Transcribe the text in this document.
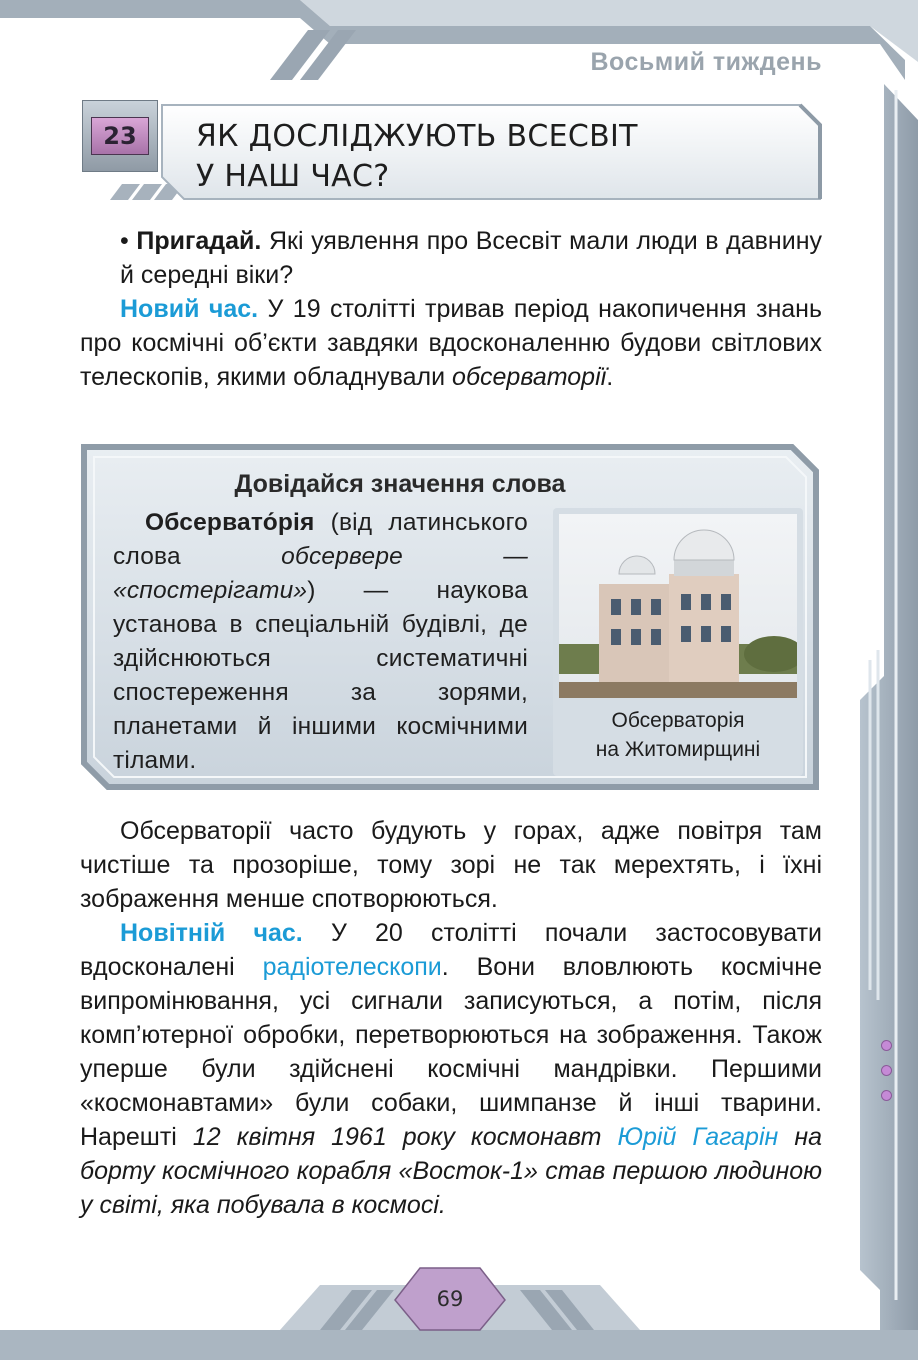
Восьмий тиждень
23	ЯК ДОСЛІДЖУЮТЬ ВСЕСВІТ
У НАШ ЧАС?

• Пригадай. Які уявлення про Всесвіт мали люди в давнину й середні віки?

Новий час. У 19 столітті тривав період накопичення знань про космічні об’єкти завдяки вдосконаленню будови світлових телескопів, якими обладнували обсерваторії.

Довідайся значення слова

Обсервато́рія (від латинського слова обсервере — «спостерігати») — наукова установа в спеціальній будівлі, де здійснюються систематичні спостереження за зорями, планетами й іншими космічними тілами.

Обсерваторія
на Житомирщині

Обсерваторії часто будують у горах, адже повітря там чистіше та прозоріше, тому зорі не так мерехтять, і їхні зображення менше спотворюються.

Новітній час. У 20 столітті почали застосовувати вдосконалені радіотелескопи. Вони вловлюють космічне випромінювання, усі сигнали записуються, а потім, після комп’ютерної обробки, перетворюються на зображення. Також уперше були здійснені космічні мандрівки. Першими «космонавтами» були собаки, шимпанзе й інші тварини. Нарешті 12 квітня 1961 року космонавт Юрій Гагарін на борту космічного корабля «Восток-1» став першою людиною у світі, яка побувала в космосі.

69
